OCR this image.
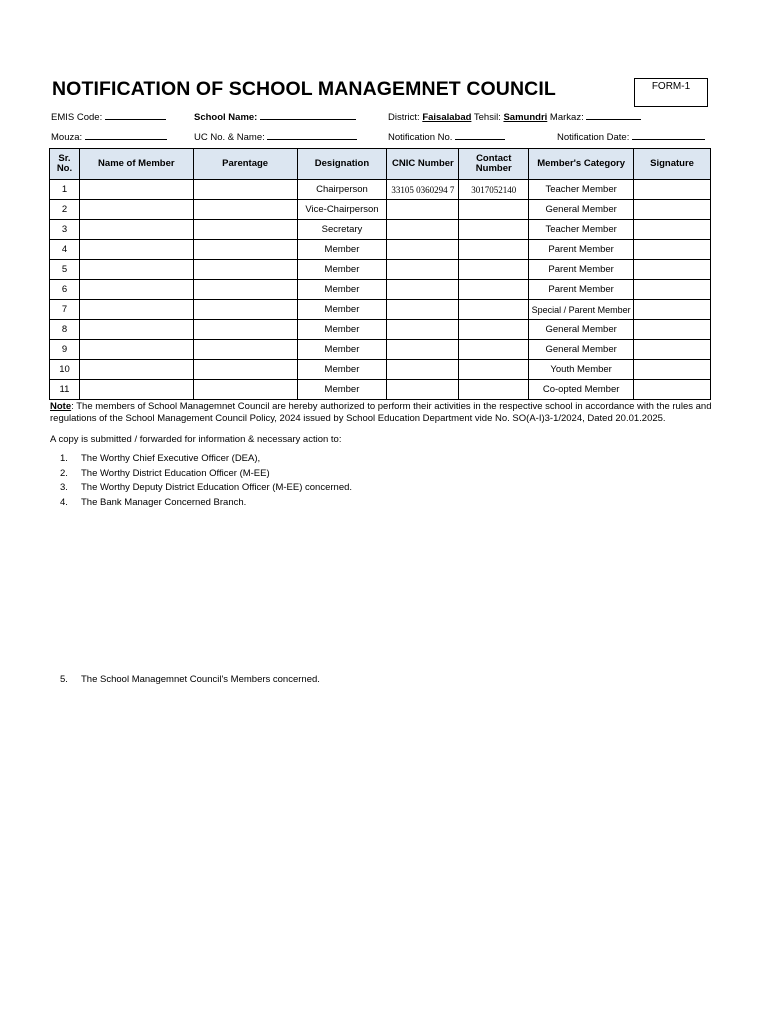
NOTIFICATION OF SCHOOL MANAGEMNET COUNCIL	FORM-1
EMIS Code:	School Name:	District: Faisalabad Tehsil: Samundri Markaz:
Mouza:	UC No. & Name:	Notification No.	Notification Date:
Sr. No.	Name of Member	Parentage	Designation	CNIC Number	Contact Number	Member's Category	Signature
1			Chairperson	33105 0360294 7	3017052140	Teacher Member	
2			Vice-Chairperson			General Member	
3			Secretary			Teacher Member	
4			Member			Parent Member	
5			Member			Parent Member	
6			Member			Parent Member	
7			Member			Special / Parent Member	
8			Member			General Member	
9			Member			General Member	
10			Member			Youth Member	
11			Member			Co-opted Member	
Note: The members of School Managemnet Council are hereby authorized to perform their activities in the respective school in accordance with the rules and regulations of the School Management Council Policy, 2024 issued by School Education Department vide No. SO(A-I)3-1/2024, Dated 20.01.2025.
A copy is submitted / forwarded for information & necessary action to:
1.	The Worthy Chief Executive Officer (DEA),
2.	The Worthy District Education Officer (M-EE)
3.	The Worthy Deputy District Education Officer (M-EE) concerned.
4.	The Bank Manager Concerned Branch.
5.	The School Managemnet Council's Members concerned.
